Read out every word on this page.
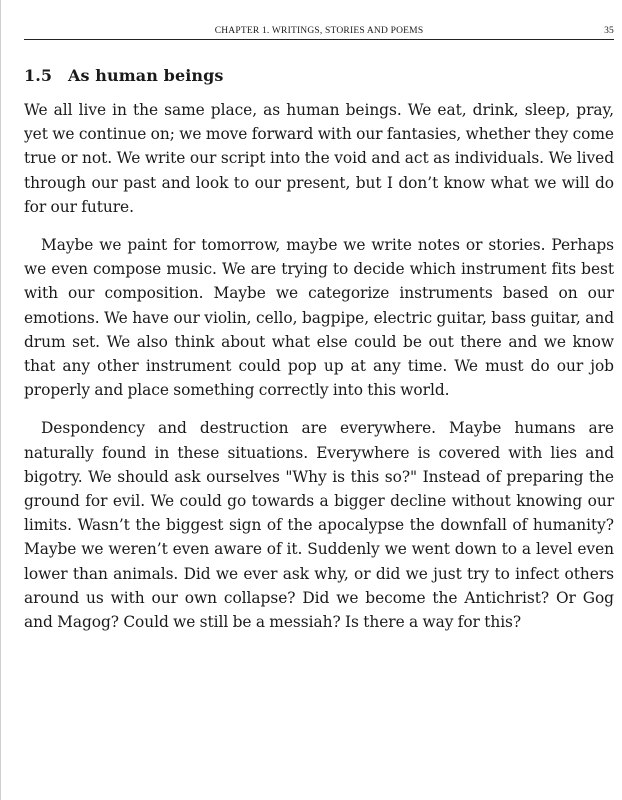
CHAPTER 1. WRITINGS, STORIES AND POEMS	35
1.5 As human beings

We all live in the same place, as human beings. We eat, drink, sleep, pray, yet we continue on; we move forward with our fantasies, whether they come true or not. We write our script into the void and act as individuals. We lived through our past and look to our present, but I don’t know what we will do for our future.

Maybe we paint for tomorrow, maybe we write notes or stories. Perhaps we even compose music. We are trying to decide which instrument fits best with our composition. Maybe we categorize instruments based on our emotions. We have our violin, cello, bagpipe, electric guitar, bass guitar, and drum set. We also think about what else could be out there and we know that any other instrument could pop up at any time. We must do our job properly and place something correctly into this world.

Despondency and destruction are everywhere. Maybe humans are naturally found in these situations. Everywhere is covered with lies and bigotry. We should ask ourselves "Why is this so?" Instead of preparing the ground for evil. We could go towards a bigger decline without knowing our limits. Wasn’t the biggest sign of the apocalypse the downfall of humanity? Maybe we weren’t even aware of it. Suddenly we went down to a level even lower than animals. Did we ever ask why, or did we just try to infect others around us with our own collapse? Did we become the Antichrist? Or Gog and Magog? Could we still be a messiah? Is there a way for this?
